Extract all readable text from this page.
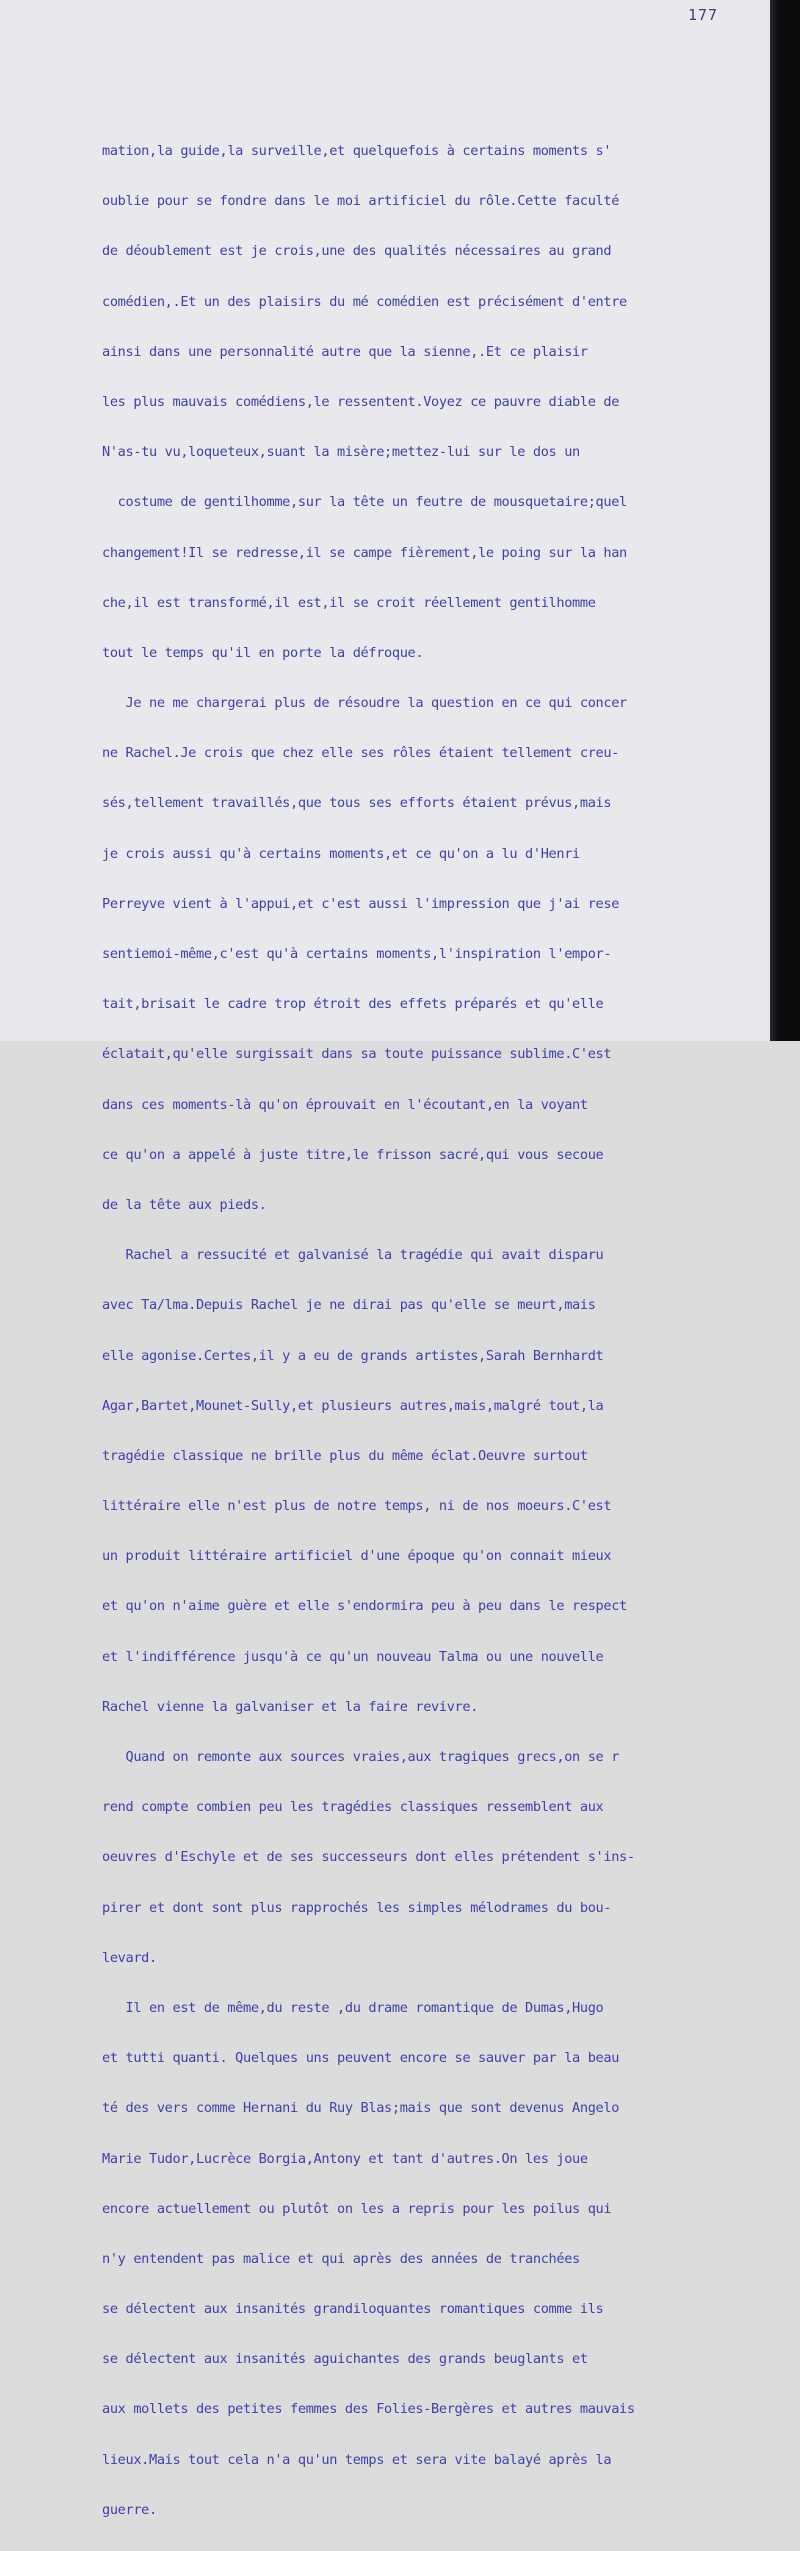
177

mation,la guide,la surveille,et quelquefois à certains moments s'

oublie pour se fondre dans le moi artificiel du rôle.Cette faculté

de déoublement est je crois,une des qualités nécessaires au grand

comédien,.Et un des plaisirs du mé comédien est précisément d'entre

ainsi dans une personnalité autre que la sienne,.Et ce plaisir

les plus mauvais comédiens,le ressentent.Voyez ce pauvre diable de

N'as-tu vu,loqueteux,suant la misère;mettez-lui sur le dos un

costume de gentilhomme,sur la tête un feutre de mousquetaire;quel

changement!Il se redresse,il se campe fièrement,le poing sur la han

che,il est transformé,il est,il se croit réellement gentilhomme

tout le temps qu'il en porte la défroque.

Je ne me chargerai plus de résoudre la question en ce qui concer

ne Rachel.Je crois que chez elle ses rôles étaient tellement creu-

sés,tellement travaillés,que tous ses efforts étaient prévus,mais

je crois aussi qu'à certains moments,et ce qu'on a lu d'Henri

Perreyve vient à l'appui,et c'est aussi l'impression que j'ai rese

sentiemoi-même,c'est qu'à certains moments,l'inspiration l'empor-

tait,brisait le cadre trop étroit des effets préparés et qu'elle

éclatait,qu'elle surgissait dans sa toute puissance sublime.C'est

dans ces moments-là qu'on éprouvait en l'écoutant,en la voyant

ce qu'on a appelé à juste titre,le frisson sacré,qui vous secoue

de la tête aux pieds.

Rachel a ressucité et galvanisé la tragédie qui avait disparu

avec Ta/lma.Depuis Rachel je ne dirai pas qu'elle se meurt,mais

elle agonise.Certes,il y a eu de grands artistes,Sarah Bernhardt

Agar,Bartet,Mounet-Sully,et plusieurs autres,mais,malgré tout,la

tragédie classique ne brille plus du même éclat.Oeuvre surtout

littéraire elle n'est plus de notre temps, ni de nos moeurs.C'est

un produit littéraire artificiel d'une époque qu'on connait mieux

et qu'on n'aime guère et elle s'endormira peu à peu dans le respect

et l'indifférence jusqu'à ce qu'un nouveau Talma ou une nouvelle

Rachel vienne la galvaniser et la faire revivre.

Quand on remonte aux sources vraies,aux tragiques grecs,on se r

rend compte combien peu les tragédies classiques ressemblent aux

oeuvres d'Eschyle et de ses successeurs dont elles prétendent s'ins-

pirer et dont sont plus rapprochés les simples mélodrames du bou-

levard.

Il en est de même,du reste ,du drame romantique de Dumas,Hugo

et tutti quanti. Quelques uns peuvent encore se sauver par la beau

té des vers comme Hernani du Ruy Blas;mais que sont devenus Angelo

Marie Tudor,Lucrèce Borgia,Antony et tant d'autres.On les joue

encore actuellement ou plutôt on les a repris pour les poilus qui

n'y entendent pas malice et qui après des années de tranchées

se délectent aux insanités grandiloquantes romantiques comme ils

se délectent aux insanités aguichantes des grands beuglants et

aux mollets des petites femmes des Folies-Bergères et autres mauvais

lieux.Mais tout cela n'a qu'un temps et sera vite balayé après la

guerre.
